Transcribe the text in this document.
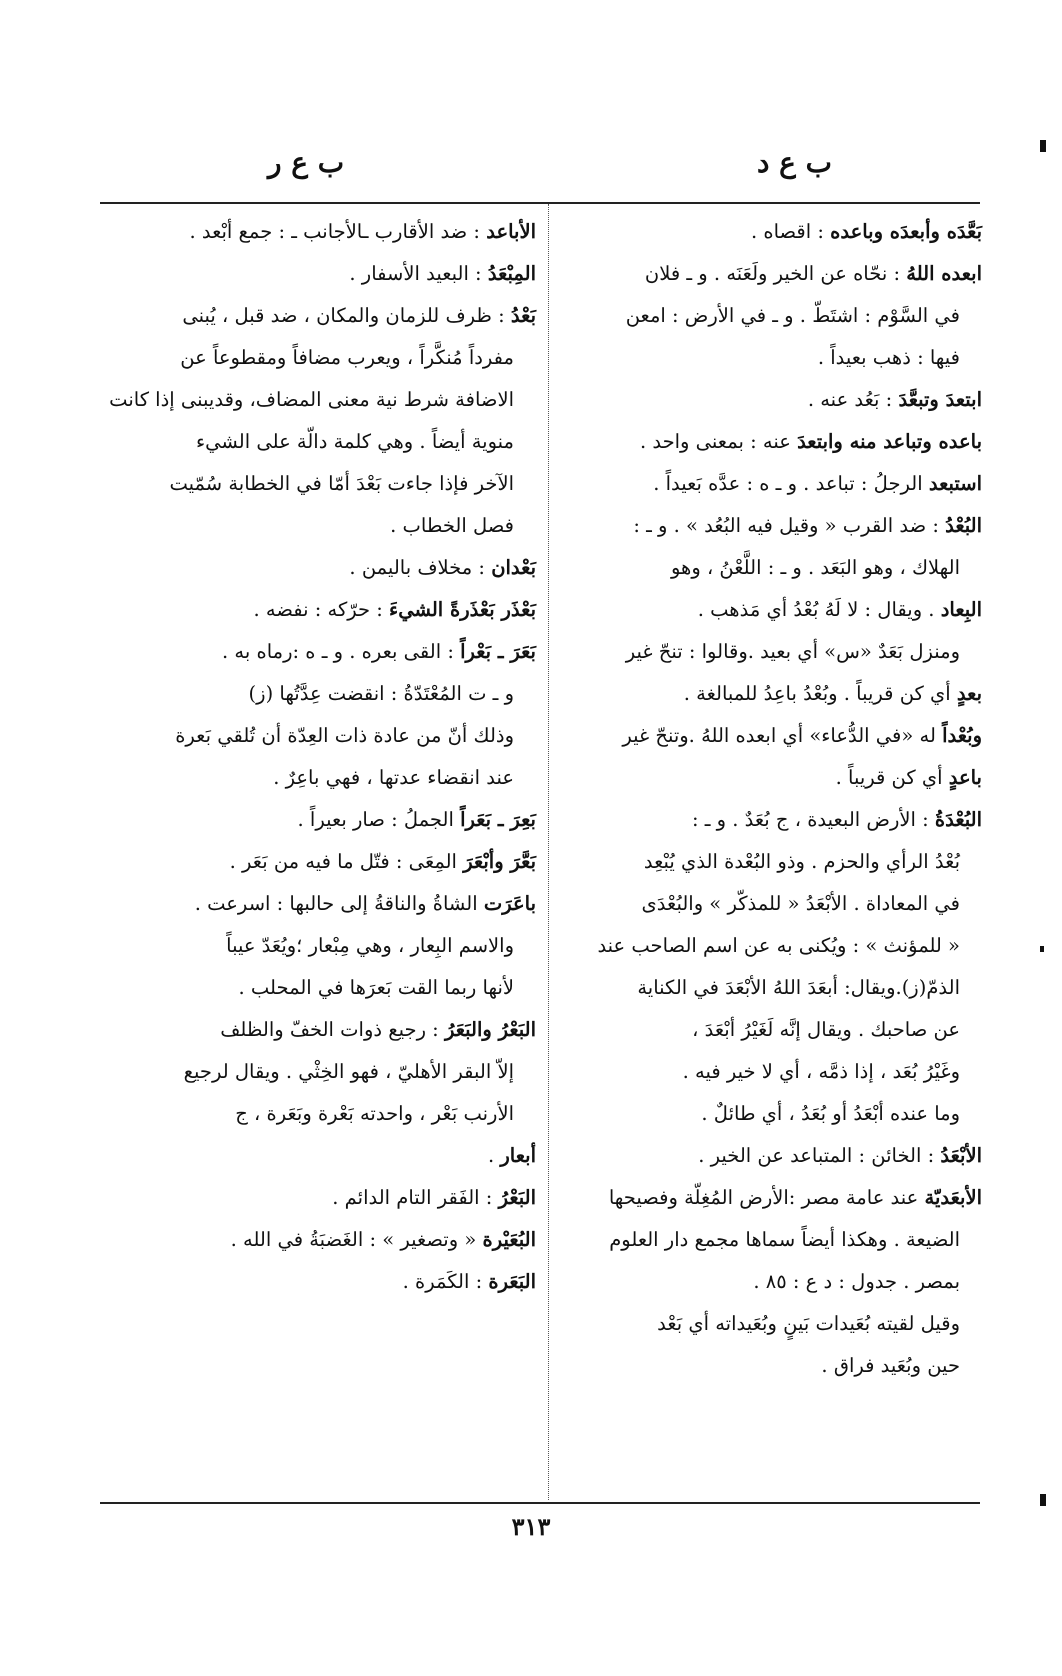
ب ع د
ب ع ر
بَعَّدَه وأبعدَه وباعده : اقصاه .
ابعده اللهُ : نحّاه عن الخير ولَعَنَه . و ـ فلان
في السَّوْم : اشتَطّ . و ـ في الأرض : امعن
فيها : ذهب بعيداً .
ابتعدَ وتبعَّدَ : بَعُد عنه .
باعده وتباعد منه وابتعدَ عنه : بمعنى واحد .
استبعد الرجلُ : تباعد . و ـ ه : عدَّه بَعيداً .
البُعْدُ : ضد القرب « وقيل فيه البُعُد » . و ـ :
الهلاك ، وهو البَعَد . و ـ : اللَّعْنُ ، وهو
البِعاد . ويقال : لا لَهُ بُعْدُ أي مَذهب .
ومنزل بَعَدٌ «س» أي بعيد .وقالوا : تنحّ غير
بعدٍ أي كن قريباً . وبُعْدُ باعِدُ للمبالغة .
وبُعْداً له «في الدُّعاء» أي ابعده اللهُ .وتنحّ غير
باعدٍ أي كن قريباً .
البُعْدَةُ : الأرض البعيدة ، ج بُعَدٌ . و ـ :
بُعْدُ الرأي والحزم . وذو البُعْدة الذي يُبْعِد
في المعاداة . الأبْعَدُ « للمذكّر » والبُعْدَى
« للمؤنث » : ويُكنى به عن اسم الصاحب عند
الذمّ(ز).ويقال: أبعَدَ اللهُ الأبْعَدَ في الكناية
عن صاحبك . ويقال إنَّه لَغَيْرُ أبْعَدَ ،
وغَيْرُ بُعَد ، إذا ذمَّه ، أي لا خير فيه .
وما عنده أبْعَدُ أو بُعَدُ ، أي طائلٌ .
الأبْعَدُ : الخائن : المتباعد عن الخير .
الأبعَديّة عند عامة مصر :الأرض المُغِلّة وفصيحها
الضيعة . وهكذا أيضاً سماها مجمع دار العلوم
بمصر . جدول : د ع : ٨٥ .
وقيل لقيته بُعَيدات بَينٍ وبُعَيداته أي بَعْد
حين وبُعَيد فراق .
الأباعد : ضد الأقارب ـالأجانب ـ : جمع أبْعد .
المِبْعَدُ : البعيد الأسفار .
بَعْدُ : ظرف للزمان والمكان ، ضد قبل ، يُبنى
مفرداً مُنكَّراً ، ويعرب مضافاً ومقطوعاً عن
الاضافة شرط نية معنى المضاف، وقديبنى إذا كانت
منوية أيضاً . وهي كلمة دالّة على الشيء
الآخر فإذا جاءت بَعْدَ أمّا في الخطابة سُمّيت
فصل الخطاب .
بَعْدان : مخلاف باليمن .
بَعْذَر بَعْذَرةً الشيءَ : حرّكه : نفضه .
بَعَرَ ـ بَعْراً : القى بعره . و ـ ه :رماه به .
و ـ ت المُعْتَدّةُ : انقضت عِدَّتُها (ز)
وذلك أنّ من عادة ذات العِدّة أن تُلقي بَعرة
عند انقضاء عدتها ، فهي باعِرٌ .
بَعِرَ ـ بَعَراً الجملُ : صار بعيراً .
بَعَّرَ وأبْعَرَ المِعَى : فتّل ما فيه من بَعَر .
باعَرَت الشاةُ والناقةُ إلى حالبها : اسرعت .
والاسم البِعار ، وهي مِبْعار ؛ويُعَدّ عيباً
لأنها ربما القت بَعرَها في المحلب .
البَعْرُ والبَعَرُ : رجيع ذوات الخفّ والظلف
إلاّ البقر الأهليّ ، فهو الخِثْي . ويقال لرجيع
الأرنب بَعْر ، واحدته بَعْرة وبَعَرة ، ج
أبعار .
البَعْرُ : الفَقر التام الدائم .
البُعَيْرة « وتصغير » : الغَضبَةُ في الله .
البَعَرة : الكَمَرة .
٣١٣
